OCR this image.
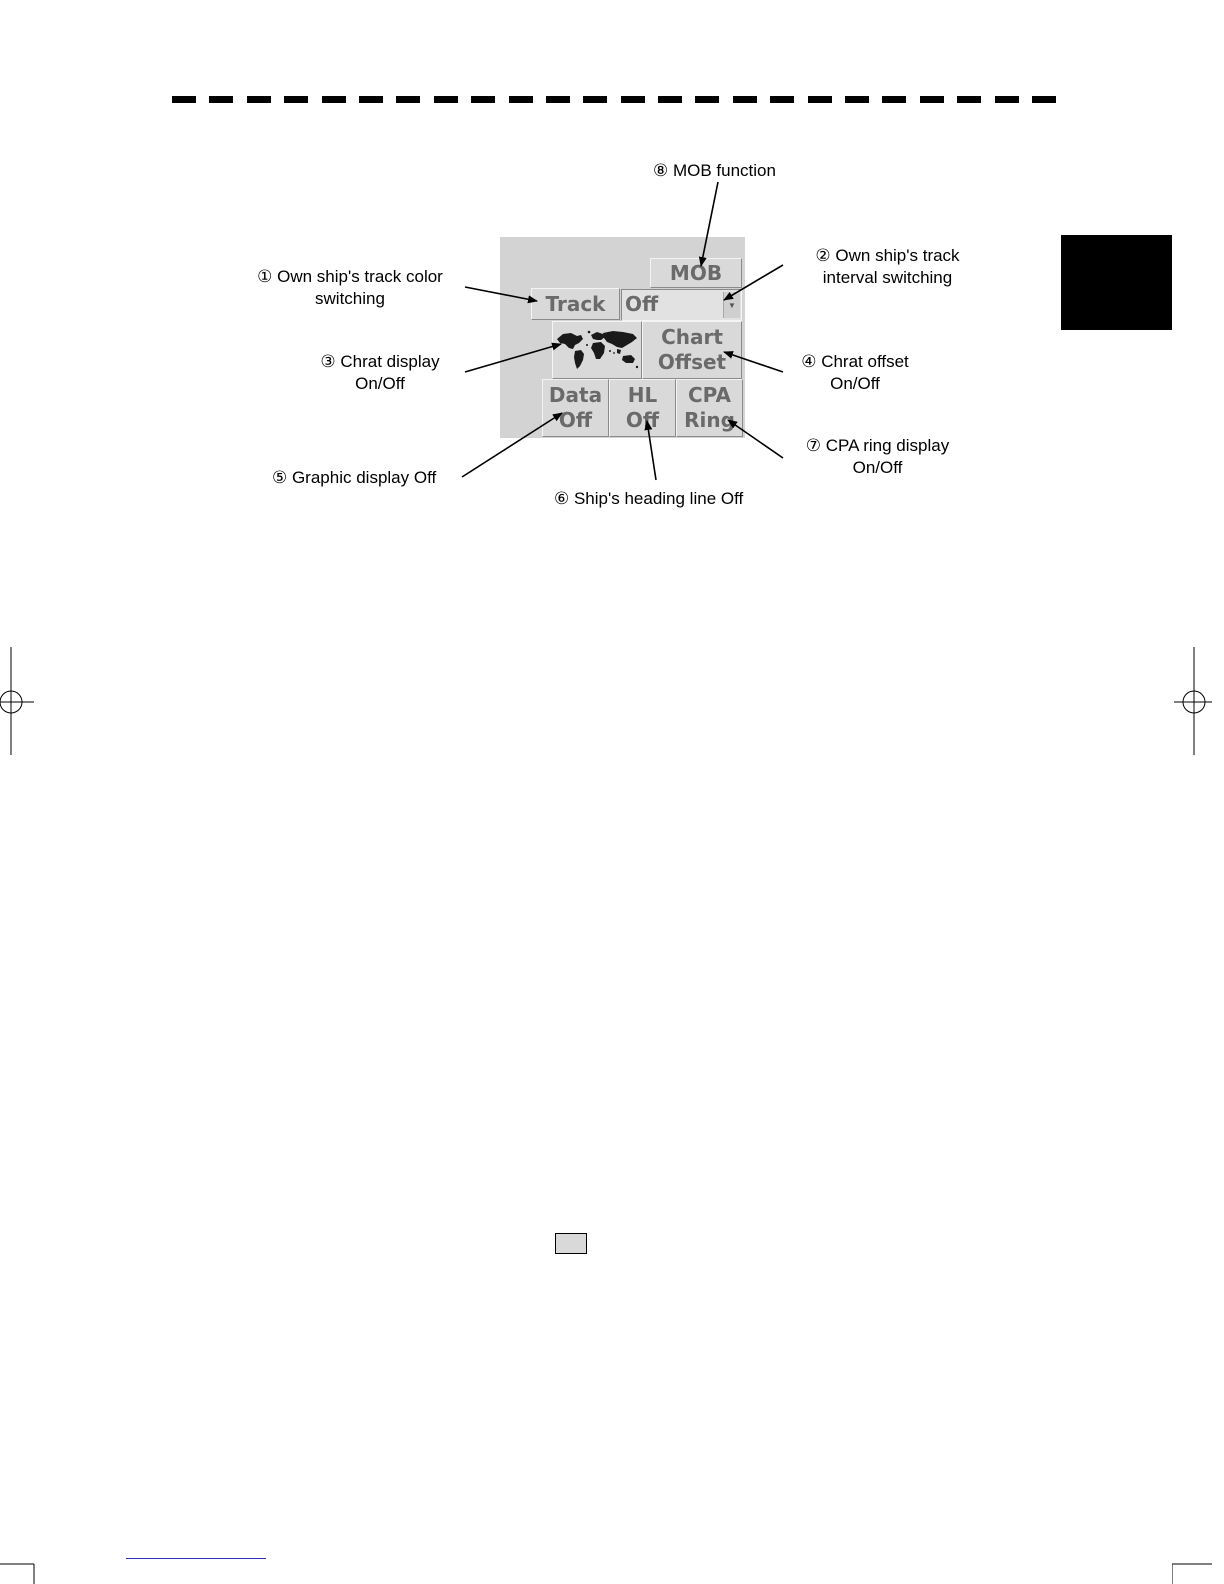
⑧ MOB function
② Own ship's track
interval switching
① Own ship's track color
switching
③ Chrat display
On/Off
④ Chrat offset
On/Off
⑦ CPA ring display
On/Off
⑤ Graphic display Off
⑥ Ship's heading line Off
MOB
Track Off	▼
Chart
Offset
Data
Off
HL
Off
CPA
Ring
